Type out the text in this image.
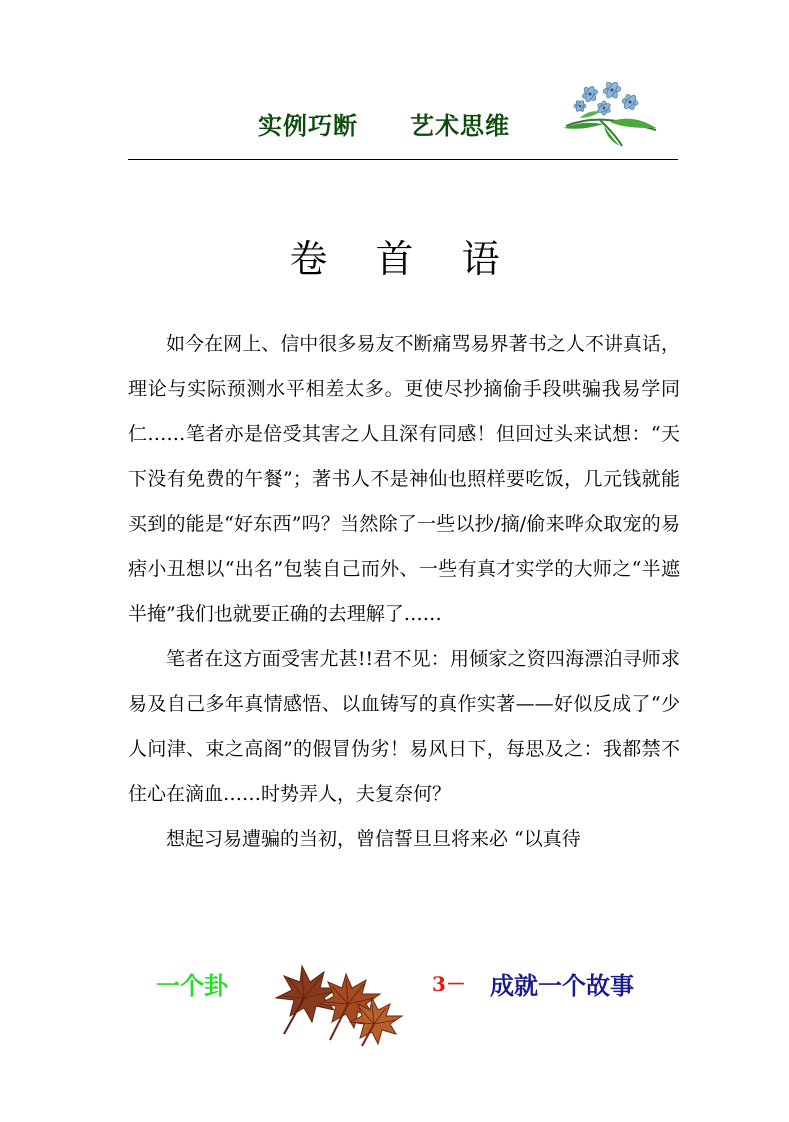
实例巧断 艺术思维
卷 首 语

如今在网上、信中很多易友不断痛骂易界著书之人不讲真话，理论与实际预测水平相差太多。更使尽抄摘偷手段哄骗我易学同仁……笔者亦是倍受其害之人且深有同感！但回过头来试想：“天下没有免费的午餐”；著书人不是神仙也照样要吃饭，几元钱就能买到的能是“好东西”吗？当然除了一些以抄/摘/偷来哗众取宠的易痞小丑想以“出名”包装自己而外、一些有真才实学的大师之“半遮半掩”我们也就要正确的去理解了……

笔者在这方面受害尤甚!!君不见：用倾家之资四海漂泊寻师求易及自己多年真情感悟、以血铸写的真作实著——好似反成了“少人问津、束之高阁”的假冒伪劣！易风日下，每思及之：我都禁不住心在滴血……时势弄人，夫复奈何？

想起习易遭骗的当初，曾信誓旦旦将来必 “以真待

一个卦	3－ 成就一个故事
